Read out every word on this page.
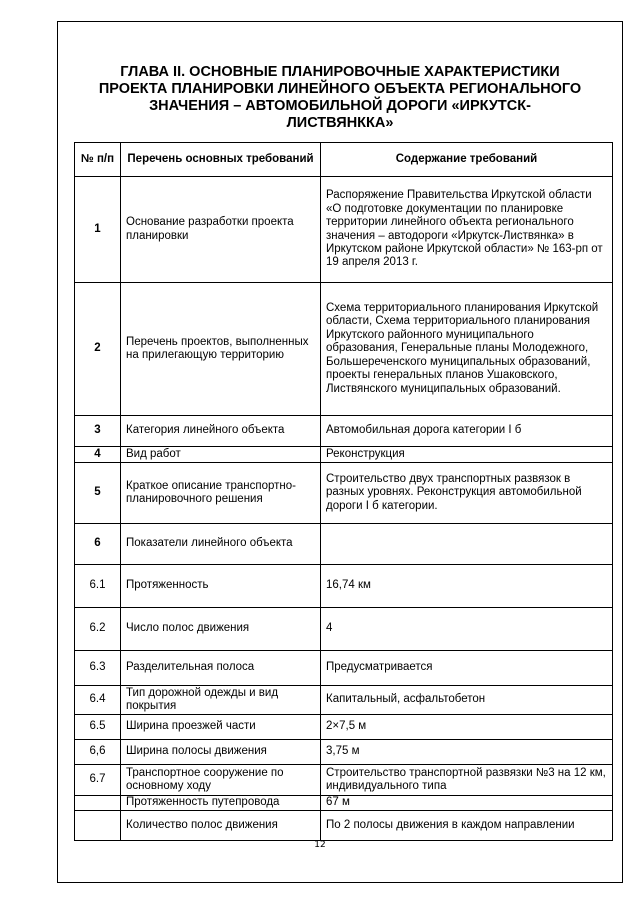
ГЛАВА II. ОСНОВНЫЕ ПЛАНИРОВОЧНЫЕ ХАРАКТЕРИСТИКИ
ПРОЕКТА ПЛАНИРОВКИ ЛИНЕЙНОГО ОБЪЕКТА РЕГИОНАЛЬНОГО
ЗНАЧЕНИЯ – АВТОМОБИЛЬНОЙ ДОРОГИ «ИРКУТСК-
ЛИСТВЯНККА»
№ п/п	Перечень основных требований	Содержание требований
1	Основание разработки проекта планировки	Распоряжение Правительства Иркутской области «О подготовке документации по планировке территории линейного объекта регионального значения – автодороги «Иркутск-Листвянка» в Иркутском районе Иркутской области» № 163-рп от 19 апреля 2013 г.
2	Перечень проектов, выполненных на прилегающую территорию	Схема территориального планирования Иркутской области, Схема территориального планирования Иркутского районного муниципального образования, Генеральные планы Молодежного, Большереченского муниципальных образований, проекты генеральных планов Ушаковского, Листвянского муниципальных образований.
3	Категория линейного объекта	Автомобильная дорога категории I б
4	Вид работ	Реконструкция
5	Краткое описание транспортно-планировочного решения	Строительство двух транспортных развязок в разных уровнях. Реконструкция автомобильной дороги I б категории.
6	Показатели линейного объекта	
6.1	Протяженность	16,74 км
6.2	Число полос движения	4
6.3	Разделительная полоса	Предусматривается
6.4	Тип дорожной одежды и вид покрытия	Капитальный, асфальтобетон
6.5	Ширина проезжей части	2×7,5 м
6,6	Ширина полосы движения	3,75 м
6.7	Транспортное сооружение по основному ходу	Строительство транспортной развязки №3 на 12 км, индивидуального типа
	Протяженность путепровода	67 м
	Количество полос движения	По 2 полосы движения в каждом направлении
12
